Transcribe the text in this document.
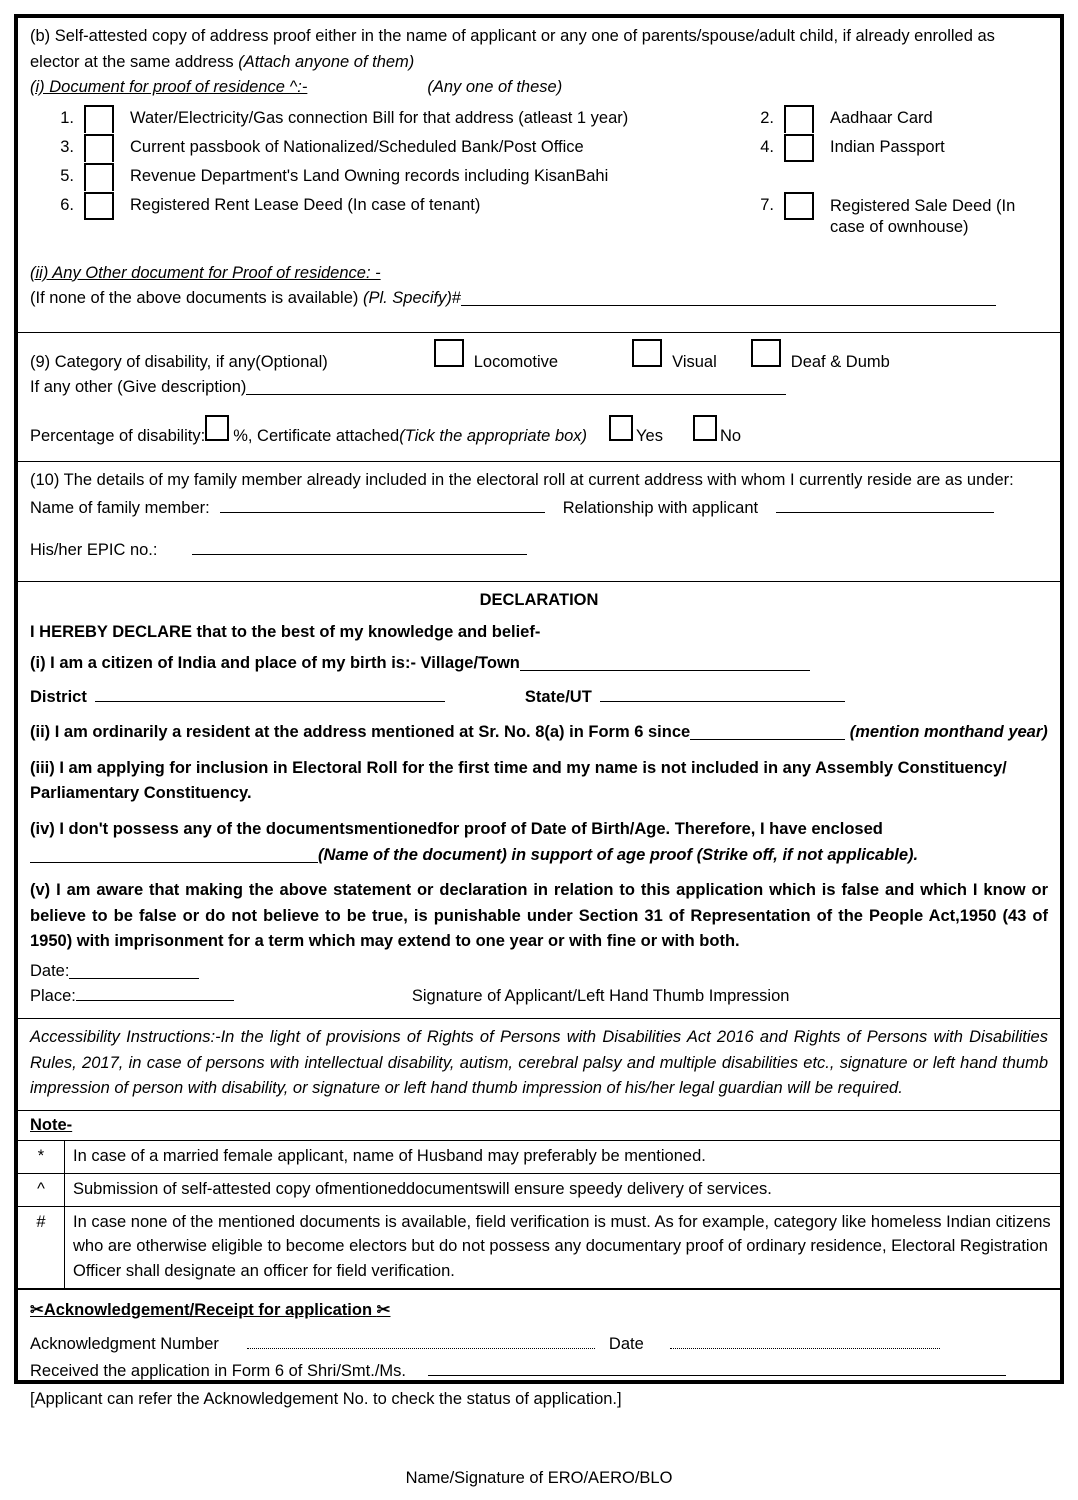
(b) Self-attested copy of address proof either in the name of applicant or any one of parents/spouse/adult child, if already enrolled as elector at the same address (Attach anyone of them)
(i) Document for proof of residence ^:-	(Any one of these)
1.	Water/Electricity/Gas connection Bill for that address (atleast 1 year)	2.	Aadhaar Card
3.	Current passbook of Nationalized/Scheduled Bank/Post Office	4.	Indian Passport
5.	Revenue Department's Land Owning records including KisanBahi
6.	Registered Rent Lease Deed (In case of tenant)	7.	Registered Sale Deed (In case of ownhouse)
(ii) Any Other document for Proof of residence: -
(If none of the above documents is available) (Pl. Specify)#
(9) Category of disability, if any(Optional)	Locomotive	Visual	Deaf & Dumb
If any other (Give description)
Percentage of disability: %, Certificate attached (Tick the appropriate box)	Yes	No
(10) The details of my family member already included in the electoral roll at current address with whom I currently reside are as under:
Name of family member:	Relationship with applicant
His/her EPIC no.:
DECLARATION
I HEREBY DECLARE that to the best of my knowledge and belief-
(i) I am a citizen of India and place of my birth is:- Village/Town
District	State/UT
(ii) I am ordinarily a resident at the address mentioned at Sr. No. 8(a) in Form 6 since	(mention monthand year)
(iii) I am applying for inclusion in Electoral Roll for the first time and my name is not included in any Assembly Constituency/ Parliamentary Constituency.
(iv) I don't possess any of the documentsmentionedfor proof of Date of Birth/Age. Therefore, I have enclosed
(Name of the document) in support of age proof (Strike off, if not applicable).
(v) I am aware that making the above statement or declaration in relation to this application which is false and which I know or believe to be false or do not believe to be true, is punishable under Section 31 of Representation of the People Act,1950 (43 of 1950) with imprisonment for a term which may extend to one year or with fine or with both.
Date:
Place:	Signature of Applicant/Left Hand Thumb Impression
Accessibility Instructions:-In the light of provisions of Rights of Persons with Disabilities Act 2016 and Rights of Persons with Disabilities Rules, 2017, in case of persons with intellectual disability, autism, cerebral palsy and multiple disabilities etc., signature or left hand thumb impression of person with disability, or signature or left hand thumb impression of his/her legal guardian will be required.
Note-
*	In case of a married female applicant, name of Husband may preferably be mentioned.
^	Submission of self-attested copy ofmentioneddocumentswill ensure speedy delivery of services.
#	In case none of the mentioned documents is available, field verification is must. As for example, category like homeless Indian citizens who are otherwise eligible to become electors but do not possess any documentary proof of ordinary residence, Electoral Registration Officer shall designate an officer for field verification.
✂Acknowledgement/Receipt for application ✂
Acknowledgment Number	Date
Received the application in Form 6 of Shri/Smt./Ms.
[Applicant can refer the Acknowledgement No. to check the status of application.]
Name/Signature of ERO/AERO/BLO
